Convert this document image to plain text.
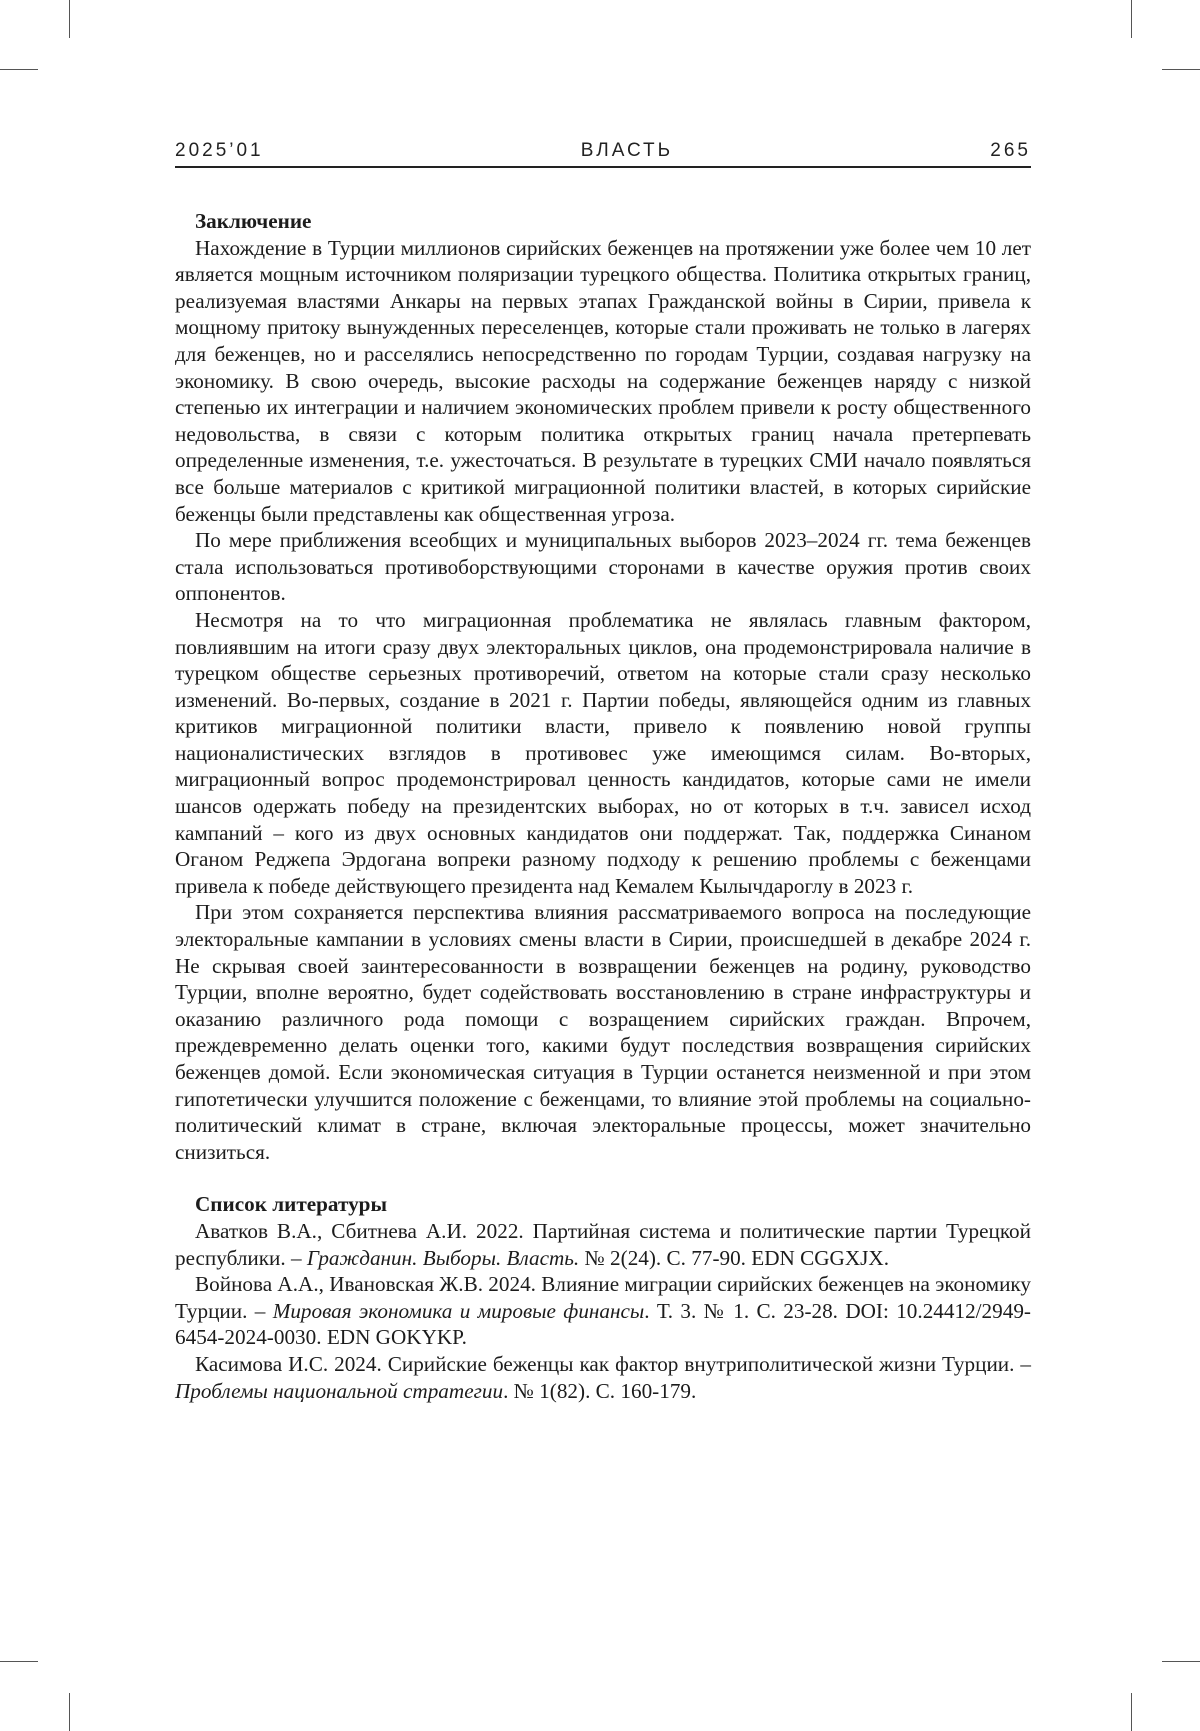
2025’01	ВЛАСТЬ	265
Заключение

Нахождение в Турции миллионов сирийских беженцев на протяжении уже более чем 10 лет является мощным источником поляризации турецкого общества. Политика открытых границ, реализуемая властями Анкары на первых этапах Гражданской войны в Сирии, привела к мощному притоку вынужденных переселенцев, которые стали проживать не только в лагерях для беженцев, но и расселялись непосредственно по городам Турции, создавая нагрузку на экономику. В свою очередь, высокие расходы на содержание беженцев наряду с низкой степенью их интеграции и наличием экономических проблем привели к росту общественного недовольства, в связи с которым политика открытых границ начала претерпевать определенные изменения, т.е. ужесточаться. В результате в турецких СМИ начало появляться все больше материалов с критикой миграционной политики властей, в которых сирийские беженцы были представлены как общественная угроза.

По мере приближения всеобщих и муниципальных выборов 2023–2024 гг. тема беженцев стала использоваться противоборствующими сторонами в качестве оружия против своих оппонентов.

Несмотря на то что миграционная проблематика не являлась главным фактором, повлиявшим на итоги сразу двух электоральных циклов, она продемонстрировала наличие в турецком обществе серьезных противоречий, ответом на которые стали сразу несколько изменений. Во-первых, создание в 2021 г. Партии победы, являющейся одним из главных критиков миграционной политики власти, привело к появлению новой группы националистических взглядов в противовес уже имеющимся силам. Во-вторых, миграционный вопрос продемонстрировал ценность кандидатов, которые сами не имели шансов одержать победу на президентских выборах, но от которых в т.ч. зависел исход кампаний – кого из двух основных кандидатов они поддержат. Так, поддержка Синаном Оганом Реджепа Эрдогана вопреки разному подходу к решению проблемы с беженцами привела к победе действующего президента над Кемалем Кылычдароглу в 2023 г.

При этом сохраняется перспектива влияния рассматриваемого вопроса на последующие электоральные кампании в условиях смены власти в Сирии, происшедшей в декабре 2024 г. Не скрывая своей заинтересованности в возвращении беженцев на родину, руководство Турции, вполне вероятно, будет содействовать восстановлению в стране инфраструктуры и оказанию различного рода помощи с возращением сирийских граждан. Впрочем, преждевременно делать оценки того, какими будут последствия возвращения сирийских беженцев домой. Если экономическая ситуация в Турции останется неизменной и при этом гипотетически улучшится положение с беженцами, то влияние этой проблемы на социально-политический климат в стране, включая электоральные процессы, может значительно снизиться.

Список литературы

Аватков В.А., Сбитнева А.И. 2022. Партийная система и политические партии Турецкой республики. – Гражданин. Выборы. Власть. № 2(24). С. 77-90. EDN CGGXJX.

Войнова А.А., Ивановская Ж.В. 2024. Влияние миграции сирийских беженцев на экономику Турции. – Мировая экономика и мировые финансы. Т. 3. № 1. С. 23-28. DOI: 10.24412/2949-6454-2024-0030. EDN GOKYKP.

Касимова И.С. 2024. Сирийские беженцы как фактор внутриполитической жизни Турции. – Проблемы национальной стратегии. № 1(82). С. 160-179.
